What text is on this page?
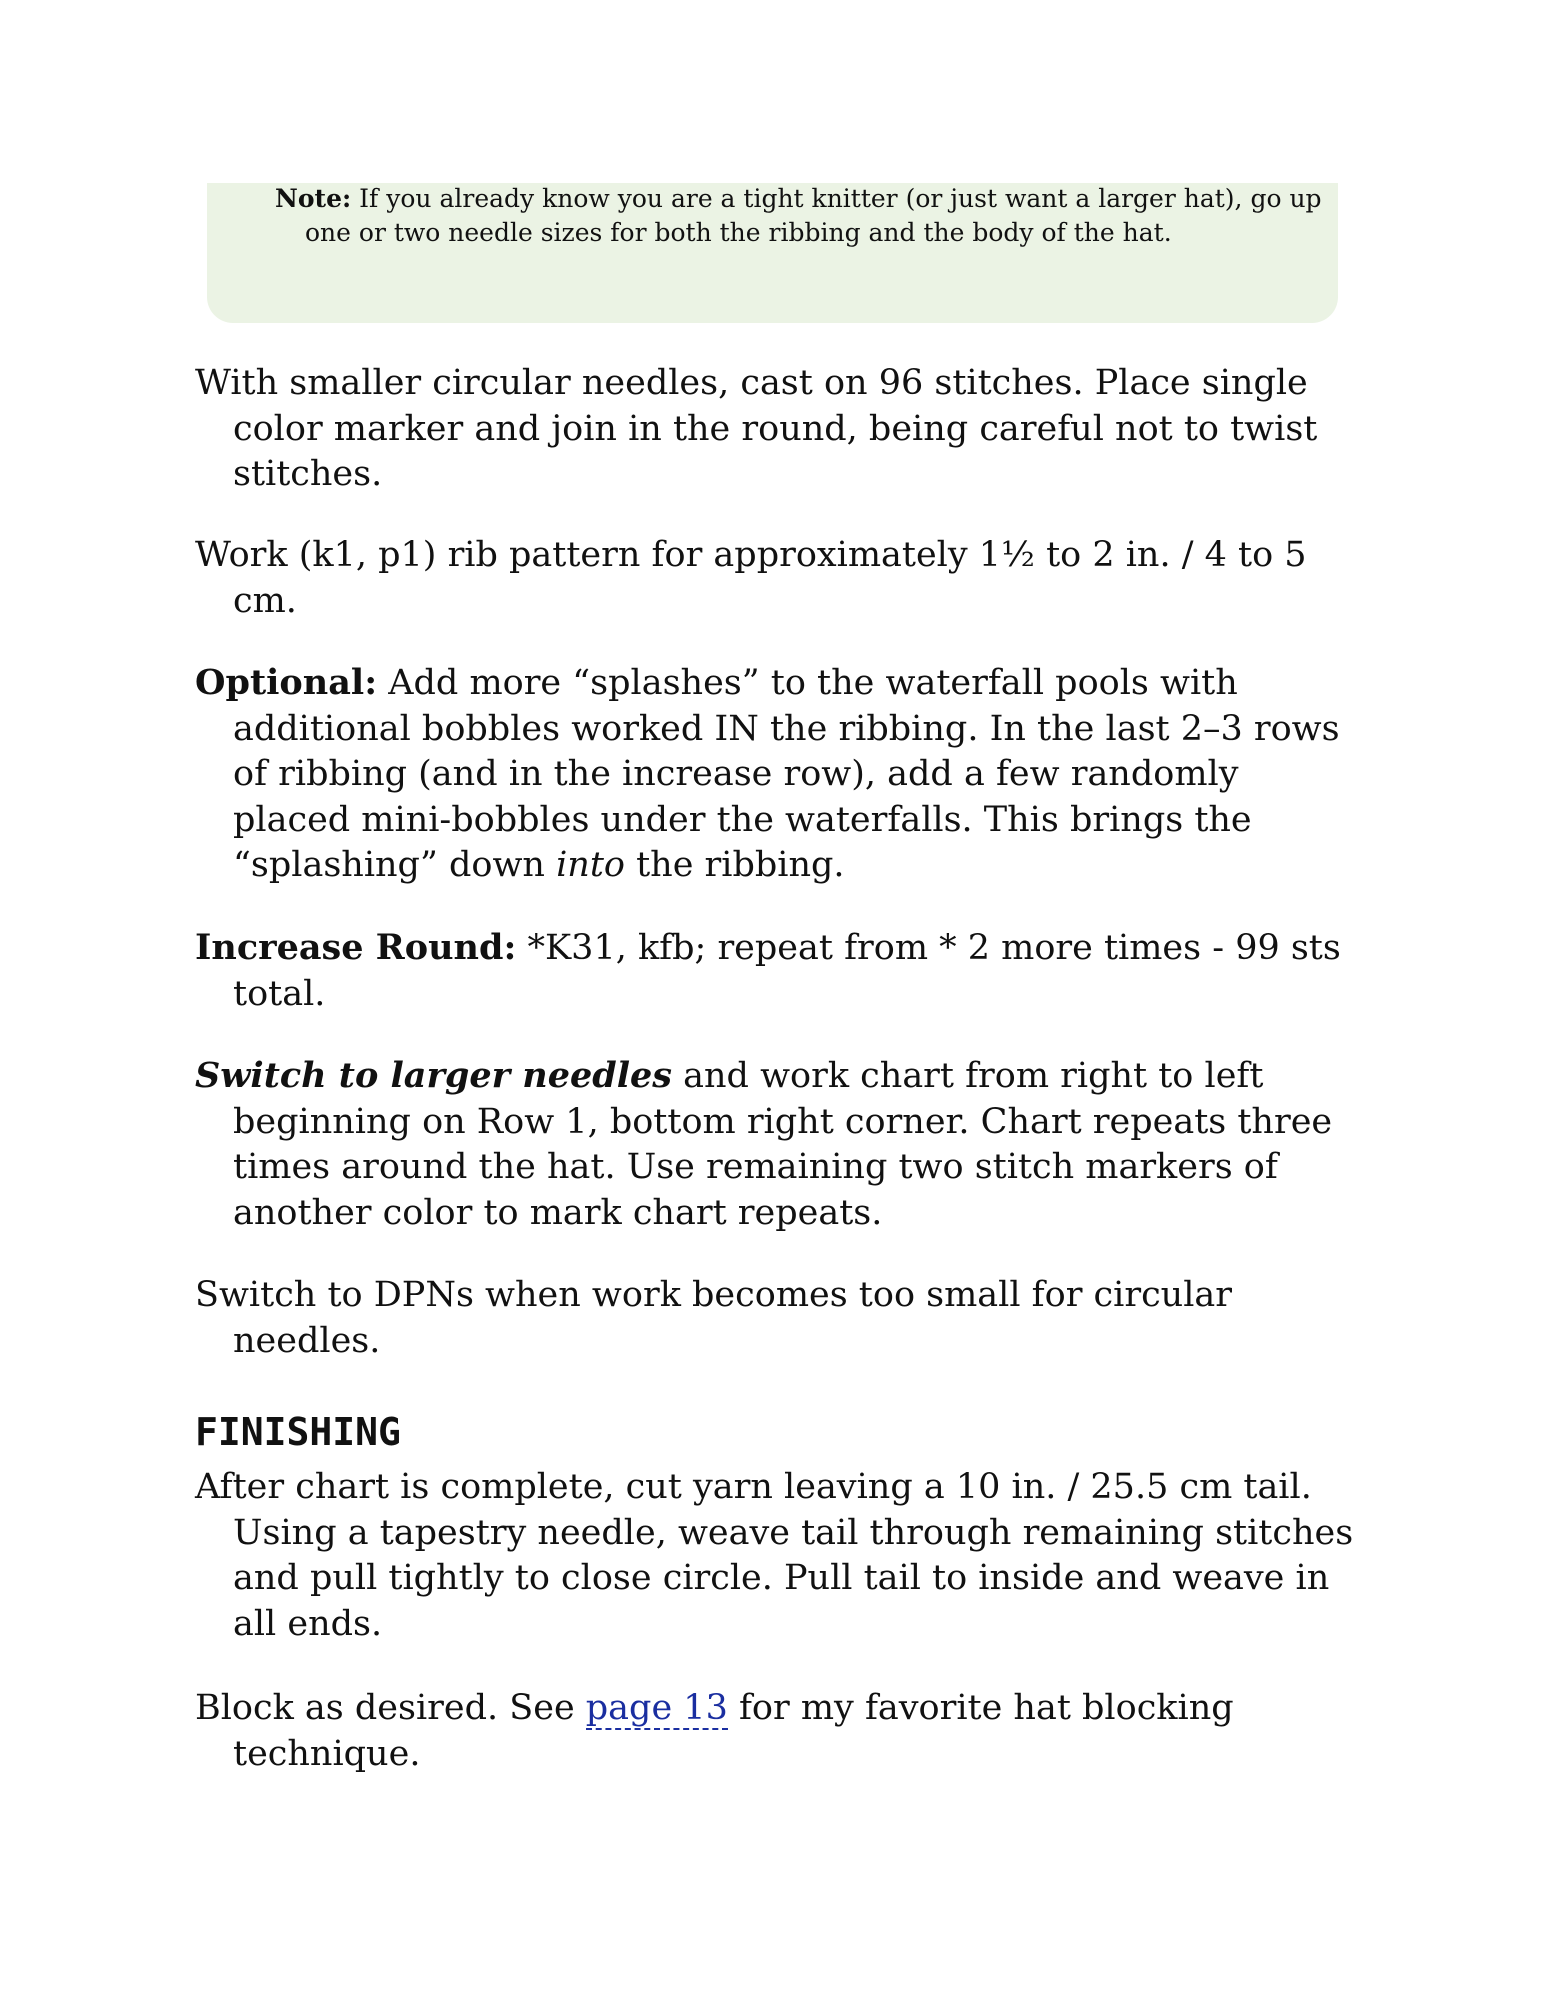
Note: If you already know you are a tight knitter (or just want a larger hat), go up one or two needle sizes for both the ribbing and the body of the hat.

With smaller circular needles, cast on 96 stitches. Place single color marker and join in the round, being careful not to twist stitches.

Work (k1, p1) rib pattern for approximately 1½ to 2 in. / 4 to 5 cm.

Optional: Add more “splashes” to the waterfall pools with additional bobbles worked IN the ribbing. In the last 2–3 rows of ribbing (and in the increase row), add a few randomly placed mini-bobbles under the waterfalls. This brings the “splashing” down into the ribbing.

Increase Round: *K31, kfb; repeat from * 2 more times - 99 sts total.

Switch to larger needles and work chart from right to left beginning on Row 1, bottom right corner. Chart repeats three times around the hat. Use remaining two stitch markers of another color to mark chart repeats.

Switch to DPNs when work becomes too small for circular needles.

FINISHING

After chart is complete, cut yarn leaving a 10 in. / 25.5 cm tail. Using a tapestry needle, weave tail through remaining stitches and pull tightly to close circle. Pull tail to inside and weave in all ends.

Block as desired. See page 13 for my favorite hat blocking technique.
